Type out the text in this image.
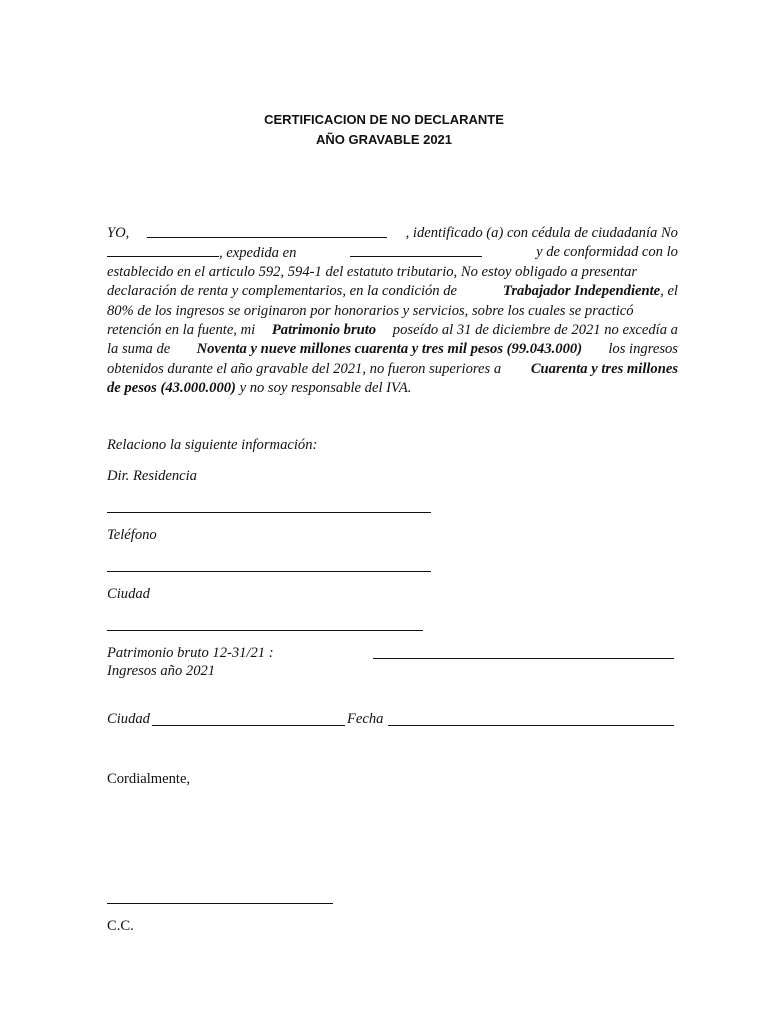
CERTIFICACION DE NO DECLARANTE
AÑO GRAVABLE 2021
YO,	, identificado (a) con cédula de ciudadanía No
, expedida en	y de conformidad con lo
establecido en el articulo 592, 594-1 del estatuto tributario, No estoy obligado a presentar
declaración de renta y complementarios, en la condición de	Trabajador Independiente, el
80% de los ingresos se originaron por honorarios y servicios, sobre los cuales se practicó
retención en la fuente, mi Patrimonio bruto poseído al 31 de diciembre de 2021 no excedía a
la suma de Noventa y nueve millones cuarenta y tres mil pesos (99.043.000) los ingresos
obtenidos durante el año gravable del 2021, no fueron superiores a Cuarenta y tres millones
de pesos (43.000.000)
y no soy responsable del IVA.
Relaciono la siguiente información:
Dir. Residencia
Teléfono
Ciudad
Patrimonio bruto 12-31/21 :
Ingresos año 2021
Ciudad	Fecha
Cordialmente,
C.C.
